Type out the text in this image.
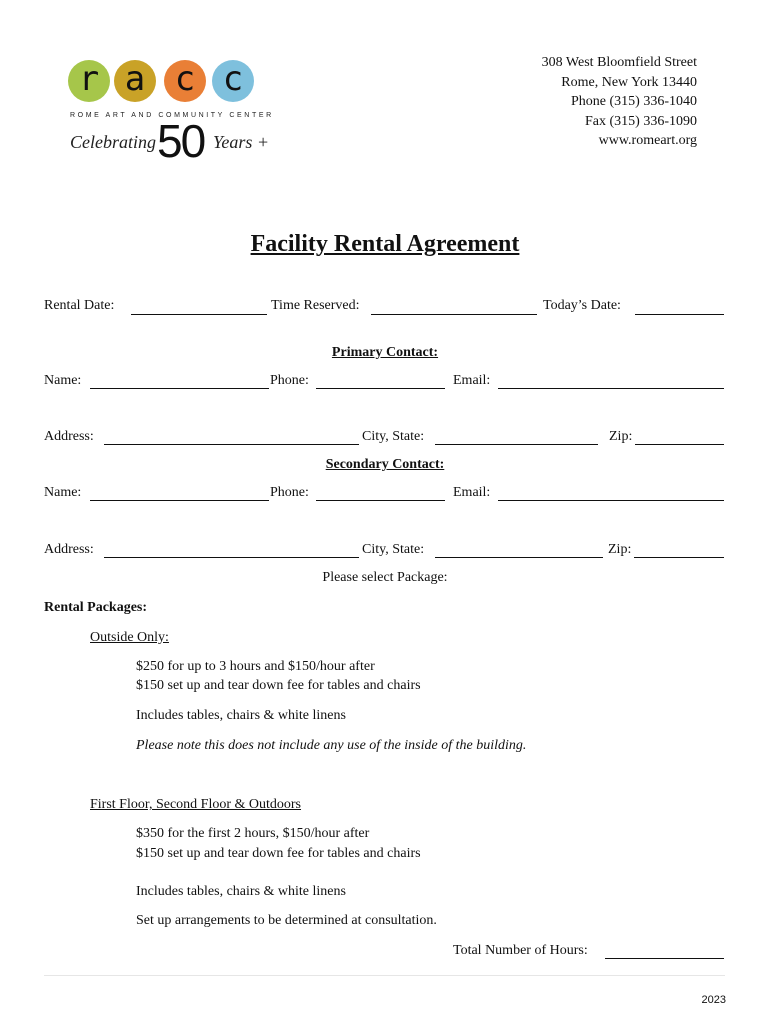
r a c c
ROME ART AND COMMUNITY CENTER
Celebrating 50 Years +
308 West Bloomfield Street
Rome, New York 13440
Phone (315) 336-1040
Fax (315) 336-1090
www.romeart.org
Facility Rental Agreement
Rental Date:	Time Reserved:	Today’s Date:
Primary Contact:
Name:	Phone:	Email:
Address:	City, State:	Zip:
Secondary Contact:
Name:	Phone:	Email:
Address:	City, State:	Zip:
Please select Package:
Rental Packages:
Outside Only:
$250 for up to 3 hours and $150/hour after
$150 set up and tear down fee for tables and chairs
Includes tables, chairs & white linens
Please note this does not include any use of the inside of the building.
First Floor, Second Floor & Outdoors
$350 for the first 2 hours, $150/hour after
$150 set up and tear down fee for tables and chairs
Includes tables, chairs & white linens
Set up arrangements to be determined at consultation.
Total Number of Hours:
2023
